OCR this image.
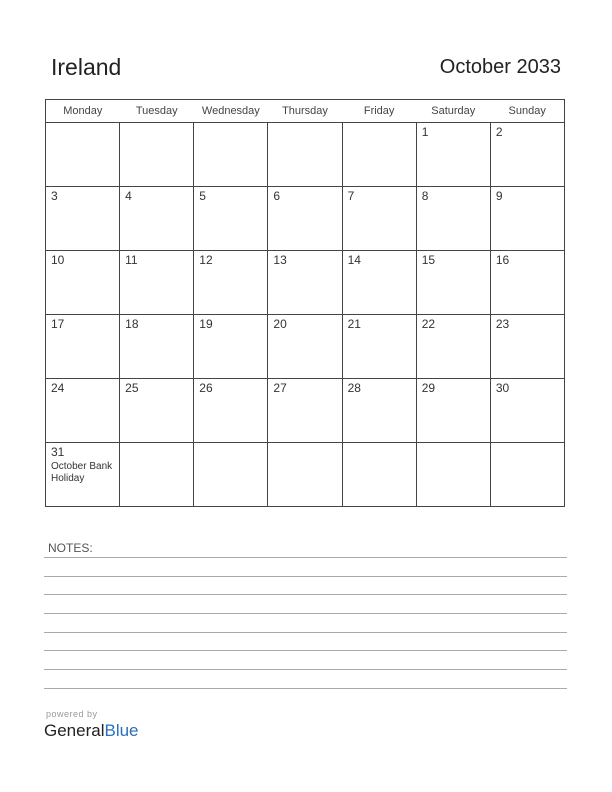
Ireland	October 2033
Monday	Tuesday	Wednesday	Thursday	Friday	Saturday	Sunday

					1	2

3	4	5	6	7	8	9

10	11	12	13	14	15	16

17	18	19	20	21	22	23

24	25	26	27	28	29	30

31
October Bank Holiday						

NOTES:
powered by
GeneralBlue
